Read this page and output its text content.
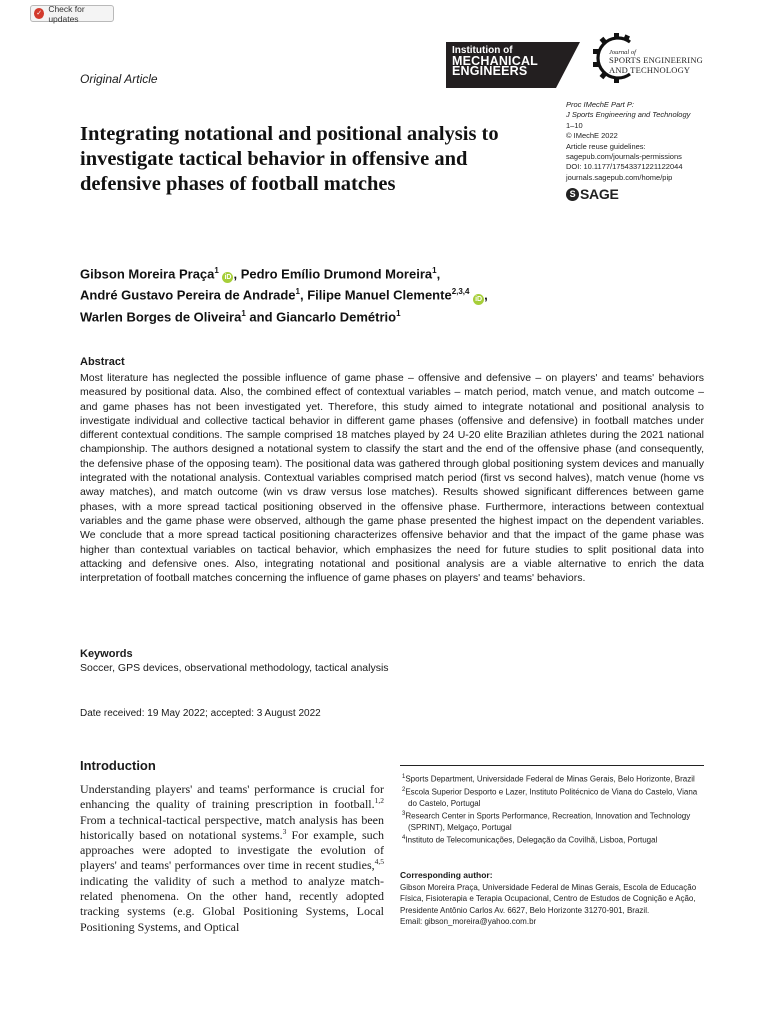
✓ Check for updates
Original Article
Institution of
MECHANICAL
ENGINEERS
Journal of
SPORTS ENGINEERING
AND TECHNOLOGY
Integrating notational and positional analysis to investigate tactical behavior in offensive and defensive phases of football matches
Proc IMechE Part P:
J Sports Engineering and Technology
1–10
© IMechE 2022
Article reuse guidelines:
sagepub.com/journals-permissions
DOI: 10.1177/17543371221122044
journals.sagepub.com/home/pip
S SAGE
Gibson Moreira Praça$^1$ iD , Pedro Emílio Drumond Moreira$^1$,
André Gustavo Pereira de Andrade$^1$, Filipe Manuel Clemente$^{2,3,4}$ iD ,
Warlen Borges de Oliveira$^1$ and Giancarlo Demétrio$^1$
Abstract
Most literature has neglected the possible influence of game phase – offensive and defensive – on players' and teams' behaviors measured by positional data. Also, the combined effect of contextual variables – match period, match venue, and match outcome – and game phases has not been investigated yet. Therefore, this study aimed to integrate notational and positional analysis to investigate individual and collective tactical behavior in different game phases (offensive and defensive) in football matches under different contextual conditions. The sample comprised 18 matches played by 24 U-20 elite Brazilian athletes during the 2021 national championship. The authors designed a notational system to classify the start and the end of the offensive phase (and consequently, the defensive phase of the opposing team). The positional data was gathered through global positioning system devices and manually integrated with the notational analysis. Contextual variables comprised match period (first vs second halves), match venue (home vs away matches), and match outcome (win vs draw versus lose matches). Results showed significant differences between game phases, with a more spread tactical positioning observed in the offensive phase. Furthermore, interactions between contextual variables and the game phase were observed, although the game phase presented the highest impact on the dependent variables. We conclude that a more spread tactical positioning characterizes offensive behavior and that the impact of the game phase was higher than contextual variables on tactical behavior, which emphasizes the need for future studies to split positional data into attacking and defensive ones. Also, integrating notational and positional analysis are a viable alternative to enrich the data interpretation of football matches concerning the influence of game phases on players' and teams' behaviors.
Keywords
Soccer, GPS devices, observational methodology, tactical analysis
Date received: 19 May 2022; accepted: 3 August 2022
Introduction
Understanding players' and teams' performance is crucial for enhancing the quality of training prescription in football.$^{1,2}$ From a technical-tactical perspective, match analysis has been historically based on notational systems.$^3$ For example, such approaches were adopted to investigate the evolution of players' and teams' performances over time in recent studies,$^{4,5}$ indicating the validity of such a method to analyze match-related phenomena. On the other hand, recently adopted tracking systems (e.g. Global Positioning Systems, Local Positioning Systems, and Optical
$^1$Sports Department, Universidade Federal de Minas Gerais, Belo Horizonte, Brazil
$^2$Escola Superior Desporto e Lazer, Instituto Politécnico de Viana do Castelo, Viana do Castelo, Portugal
$^3$Research Center in Sports Performance, Recreation, Innovation and Technology (SPRINT), Melgaço, Portugal
$^4$Instituto de Telecomunicações, Delegação da Covilhã, Lisboa, Portugal
Corresponding author:
Gibson Moreira Praça, Universidade Federal de Minas Gerais, Escola de Educação Física, Fisioterapia e Terapia Ocupacional, Centro de Estudos de Cognição e Ação, Presidente Antônio Carlos Av. 6627, Belo Horizonte 31270-901, Brazil.
Email: gibson_moreira@yahoo.com.br
